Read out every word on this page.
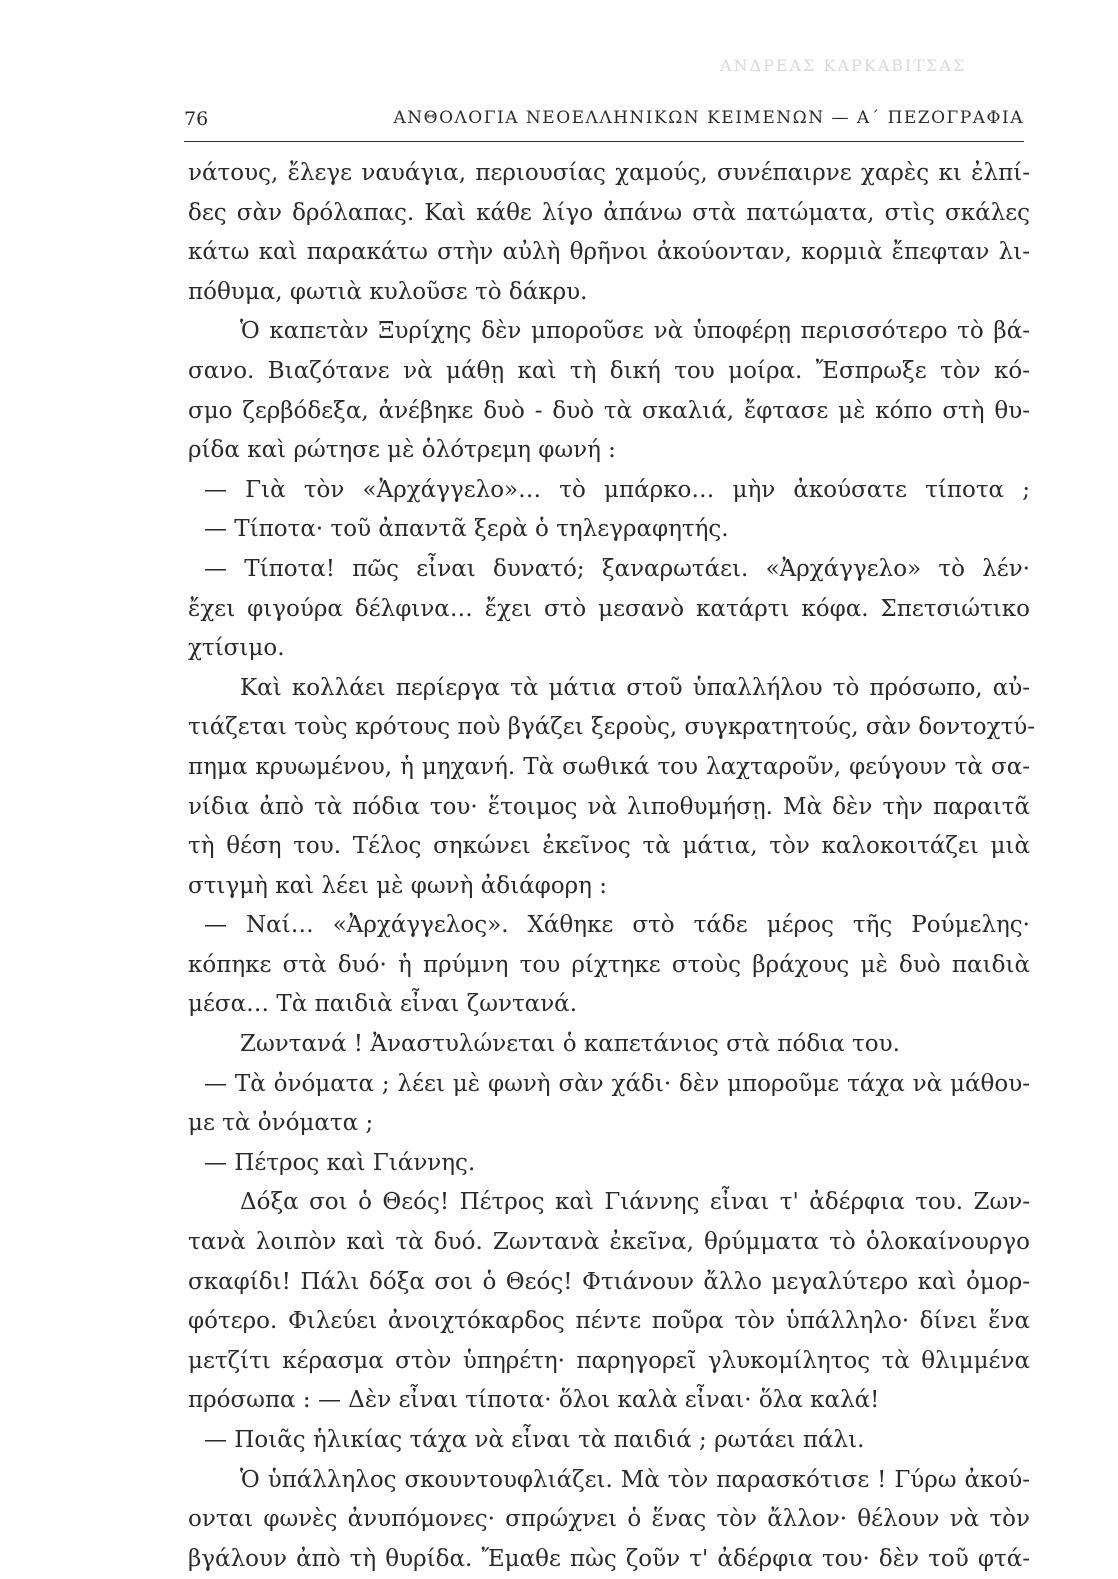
ΑΝΔΡΕΑΣ ΚΑΡΚΑΒΙΤΣΑΣ
76	ΑΝΘΟΛΟΓΙΑ ΝΕΟΕΛΛΗΝΙΚΩΝ ΚΕΙΜΕΝΩΝ — Α΄ ΠΕΖΟΓΡΑΦΙΑ
νάτους, ἔλεγε ναυάγια, περιουσίας χαμούς, συνέπαιρνε χαρὲς κι ἐλπί-
δες σὰν δρόλαπας. Καὶ κάθε λίγο ἀπάνω στὰ πατώματα, στὶς σκάλες
κάτω καὶ παρακάτω στὴν αὐλὴ θρῆνοι ἀκούονταν, κορμιὰ ἔπεφταν λι-
πόθυμα, φωτιὰ κυλοῦσε τὸ δάκρυ.
Ὁ καπετὰν Ξυρίχης δὲν μποροῦσε νὰ ὑποφέρῃ περισσότερο τὸ βά-
σανο. Βιαζότανε νὰ μάθῃ καὶ τὴ δική του μοίρα. Ἔσπρωξε τὸν κό-
σμο ζερβόδεξα, ἀνέβηκε δυὸ - δυὸ τὰ σκαλιά, ἔφτασε μὲ κόπο στὴ θυ-
ρίδα καὶ ρώτησε μὲ ὁλότρεμη φωνή :
— Γιὰ τὸν «Ἀρχάγγελο»… τὸ μπάρκο… μὴν ἀκούσατε τίποτα ;
— Τίποτα· τοῦ ἀπαντᾶ ξερὰ ὁ τηλεγραφητής.
— Τίποτα! πῶς εἶναι δυνατό; ξαναρωτάει. «Ἀρχάγγελο» τὸ λέν·
ἔχει φιγούρα δέλφινα… ἔχει στὸ μεσανὸ κατάρτι κόφα. Σπετσιώτικο
χτίσιμο.
Καὶ κολλάει περίεργα τὰ μάτια στοῦ ὑπαλλήλου τὸ πρόσωπο, αὐ-
τιάζεται τοὺς κρότους ποὺ βγάζει ξεροὺς, συγκρατητούς, σὰν δοντοχτύ-
πημα κρυωμένου, ἡ μηχανή. Τὰ σωθικά του λαχταροῦν, φεύγουν τὰ σα-
νίδια ἀπὸ τὰ πόδια του· ἕτοιμος νὰ λιποθυμήσῃ. Μὰ δὲν τὴν παραιτᾶ
τὴ θέση του. Τέλος σηκώνει ἐκεῖνος τὰ μάτια, τὸν καλοκοιτάζει μιὰ
στιγμὴ καὶ λέει μὲ φωνὴ ἀδιάφορη :
— Ναί… «Ἀρχάγγελος». Χάθηκε στὸ τάδε μέρος τῆς Ρούμελης·
κόπηκε στὰ δυό· ἡ πρύμνη του ρίχτηκε στοὺς βράχους μὲ δυὸ παιδιὰ
μέσα… Τὰ παιδιὰ εἶναι ζωντανά.
Ζωντανά ! Ἀναστυλώνεται ὁ καπετάνιος στὰ πόδια του.
— Τὰ ὀνόματα ; λέει μὲ φωνὴ σὰν χάδι· δὲν μποροῦμε τάχα νὰ μάθου-
με τὰ ὀνόματα ;
— Πέτρος καὶ Γιάννης.
Δόξα σοι ὁ Θεός! Πέτρος καὶ Γιάννης εἶναι τ' ἀδέρφια του. Ζων-
τανὰ λοιπὸν καὶ τὰ δυό. Ζωντανὰ ἐκεῖνα, θρύμματα τὸ ὁλοκαίνουργο
σκαφίδι! Πάλι δόξα σοι ὁ Θεός! Φτιάνουν ἄλλο μεγαλύτερο καὶ ὀμορ-
φότερο. Φιλεύει ἀνοιχτόκαρδος πέντε ποῦρα τὸν ὑπάλληλο· δίνει ἕνα
μετζίτι κέρασμα στὸν ὑπηρέτη· παρηγορεῖ γλυκομίλητος τὰ θλιμμένα
πρόσωπα : — Δὲν εἶναι τίποτα· ὅλοι καλὰ εἶναι· ὅλα καλά!
— Ποιᾶς ἡλικίας τάχα νὰ εἶναι τὰ παιδιά ; ρωτάει πάλι.
Ὁ ὑπάλληλος σκουντουφλιάζει. Μὰ τὸν παρασκότισε ! Γύρω ἀκού-
ονται φωνὲς ἀνυπόμονες· σπρώχνει ὁ ἕνας τὸν ἄλλον· θέλουν νὰ τὸν
βγάλουν ἀπὸ τὴ θυρίδα. Ἔμαθε πὼς ζοῦν τ' ἀδέρφια του· δὲν τοῦ φτά-
